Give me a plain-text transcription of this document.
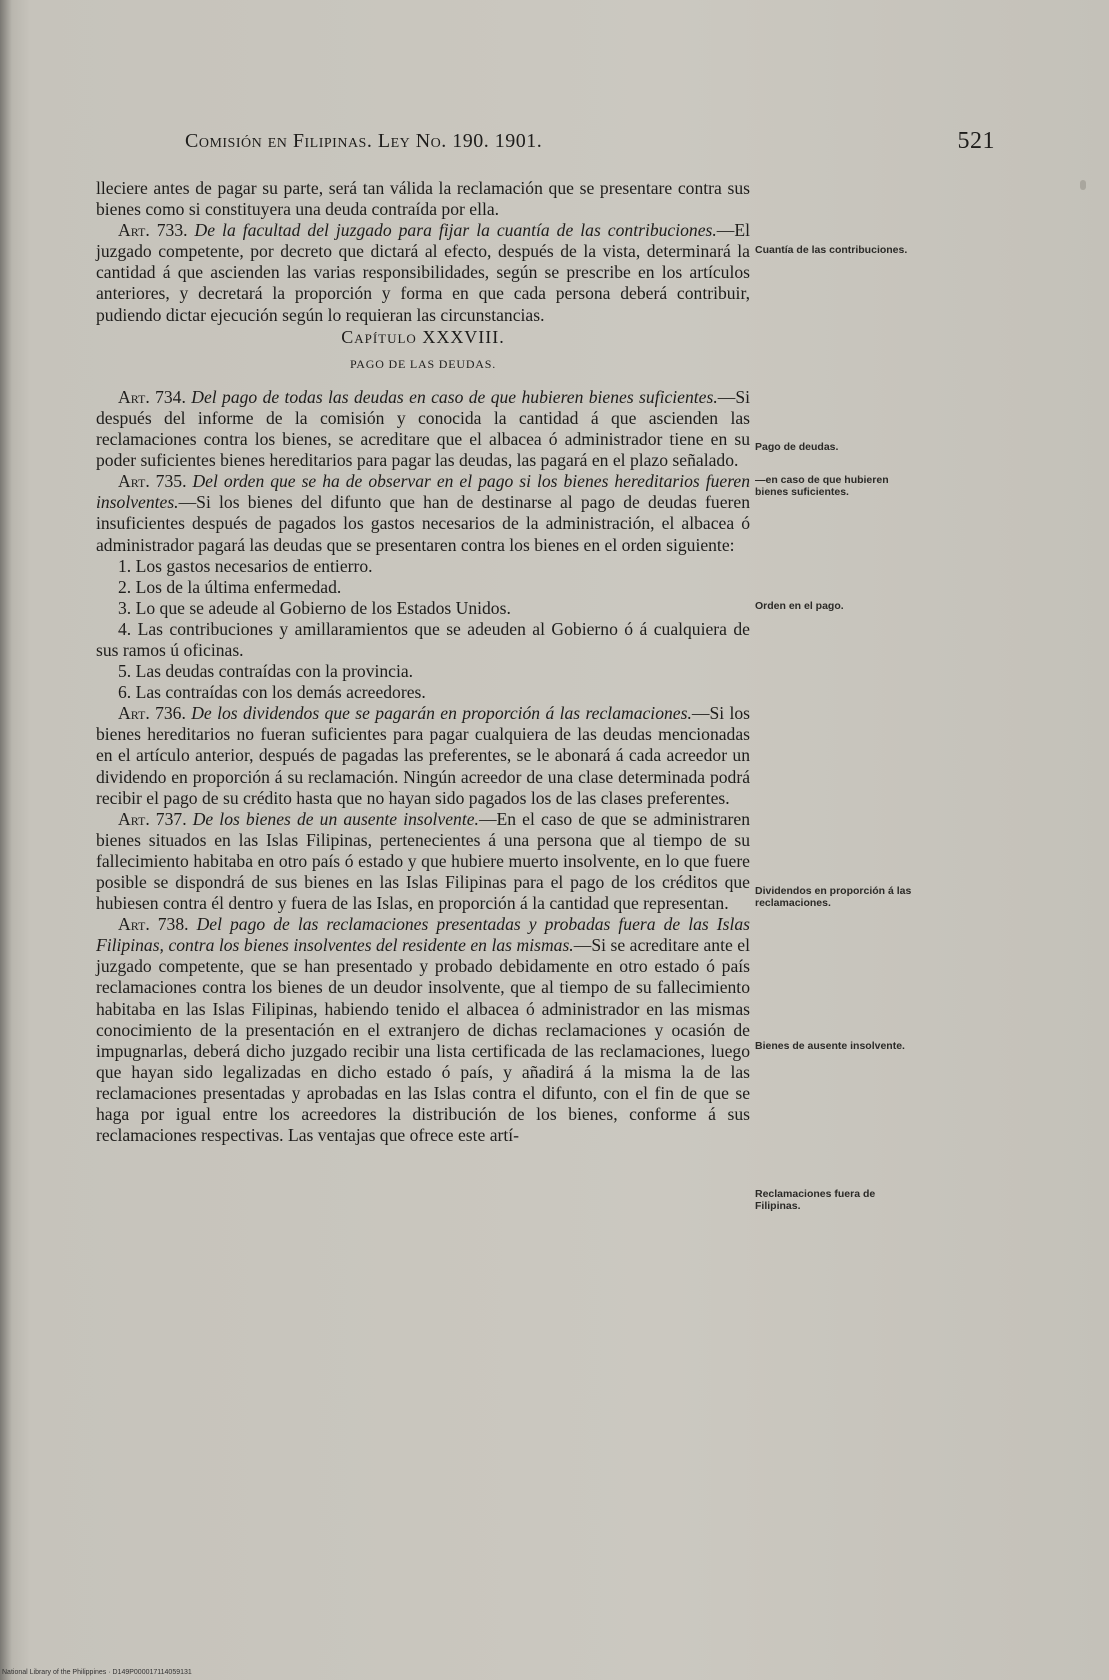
Comisión en Filipinas. Ley No. 190. 1901.	521

lleciere antes de pagar su parte, será tan válida la reclamación que se presentare contra sus bienes como si constituyera una deuda contraída por ella.

Art. 733. De la facultad del juzgado para fijar la cuantía de las contribuciones.—El juzgado competente, por decreto que dictará al efecto, después de la vista, determinará la cantidad á que ascienden las varias responsibilidades, según se prescribe en los artículos anteriores, y decretará la proporción y forma en que cada persona deberá contribuir, pudiendo dictar ejecución según lo requieran las circunstancias.

Capítulo XXXVIII.
PAGO DE LAS DEUDAS.

Art. 734. Del pago de todas las deudas en caso de que hubieren bienes suficientes.—Si después del informe de la comisión y conocida la cantidad á que ascienden las reclamaciones contra los bienes, se acreditare que el albacea ó administrador tiene en su poder suficientes bienes hereditarios para pagar las deudas, las pagará en el plazo señalado.

Art. 735. Del orden que se ha de observar en el pago si los bienes hereditarios fueren insolventes.—Si los bienes del difunto que han de destinarse al pago de deudas fueren insuficientes después de pagados los gastos necesarios de la administración, el albacea ó administrador pagará las deudas que se presentaren contra los bienes en el orden siguiente:

1. Los gastos necesarios de entierro.

2. Los de la última enfermedad.

3. Lo que se adeude al Gobierno de los Estados Unidos.

4. Las contribuciones y amillaramientos que se adeuden al Gobierno ó á cualquiera de sus ramos ú oficinas.

5. Las deudas contraídas con la provincia.

6. Las contraídas con los demás acreedores.

Art. 736. De los dividendos que se pagarán en proporción á las reclamaciones.—Si los bienes hereditarios no fueran suficientes para pagar cualquiera de las deudas mencionadas en el artículo anterior, después de pagadas las preferentes, se le abonará á cada acreedor un dividendo en proporción á su reclamación. Ningún acreedor de una clase determinada podrá recibir el pago de su crédito hasta que no hayan sido pagados los de las clases preferentes.

Art. 737. De los bienes de un ausente insolvente.—En el caso de que se administraren bienes situados en las Islas Filipinas, pertenecientes á una persona que al tiempo de su fallecimiento habitaba en otro país ó estado y que hubiere muerto insolvente, en lo que fuere posible se dispondrá de sus bienes en las Islas Filipinas para el pago de los créditos que hubiesen contra él dentro y fuera de las Islas, en proporción á la cantidad que representan.

Art. 738. Del pago de las reclamaciones presentadas y probadas fuera de las Islas Filipinas, contra los bienes insolventes del residente en las mismas.—Si se acreditare ante el juzgado competente, que se han presentado y probado debidamente en otro estado ó país reclamaciones contra los bienes de un deudor insolvente, que al tiempo de su fallecimiento habitaba en las Islas Filipinas, habiendo tenido el albacea ó administrador en las mismas conocimiento de la presentación en el extranjero de dichas reclamaciones y ocasión de impugnarlas, deberá dicho juzgado recibir una lista certificada de las reclamaciones, luego que hayan sido legalizadas en dicho estado ó país, y añadirá á la misma la de las reclamaciones presentadas y aprobadas en las Islas contra el difunto, con el fin de que se haga por igual entre los acreedores la distribución de los bienes, conforme á sus reclamaciones respectivas. Las ventajas que ofrece este artí-

Cuantía de las contribuciones.
Pago de deudas.
—en caso de que hubieren bienes suficientes.
Orden en el pago.
Dividendos en proporción á las reclamaciones.
Bienes de ausente insolvente.
Reclamaciones fuera de Filipinas.
National Library of the Philippines · D149P000017114059131
